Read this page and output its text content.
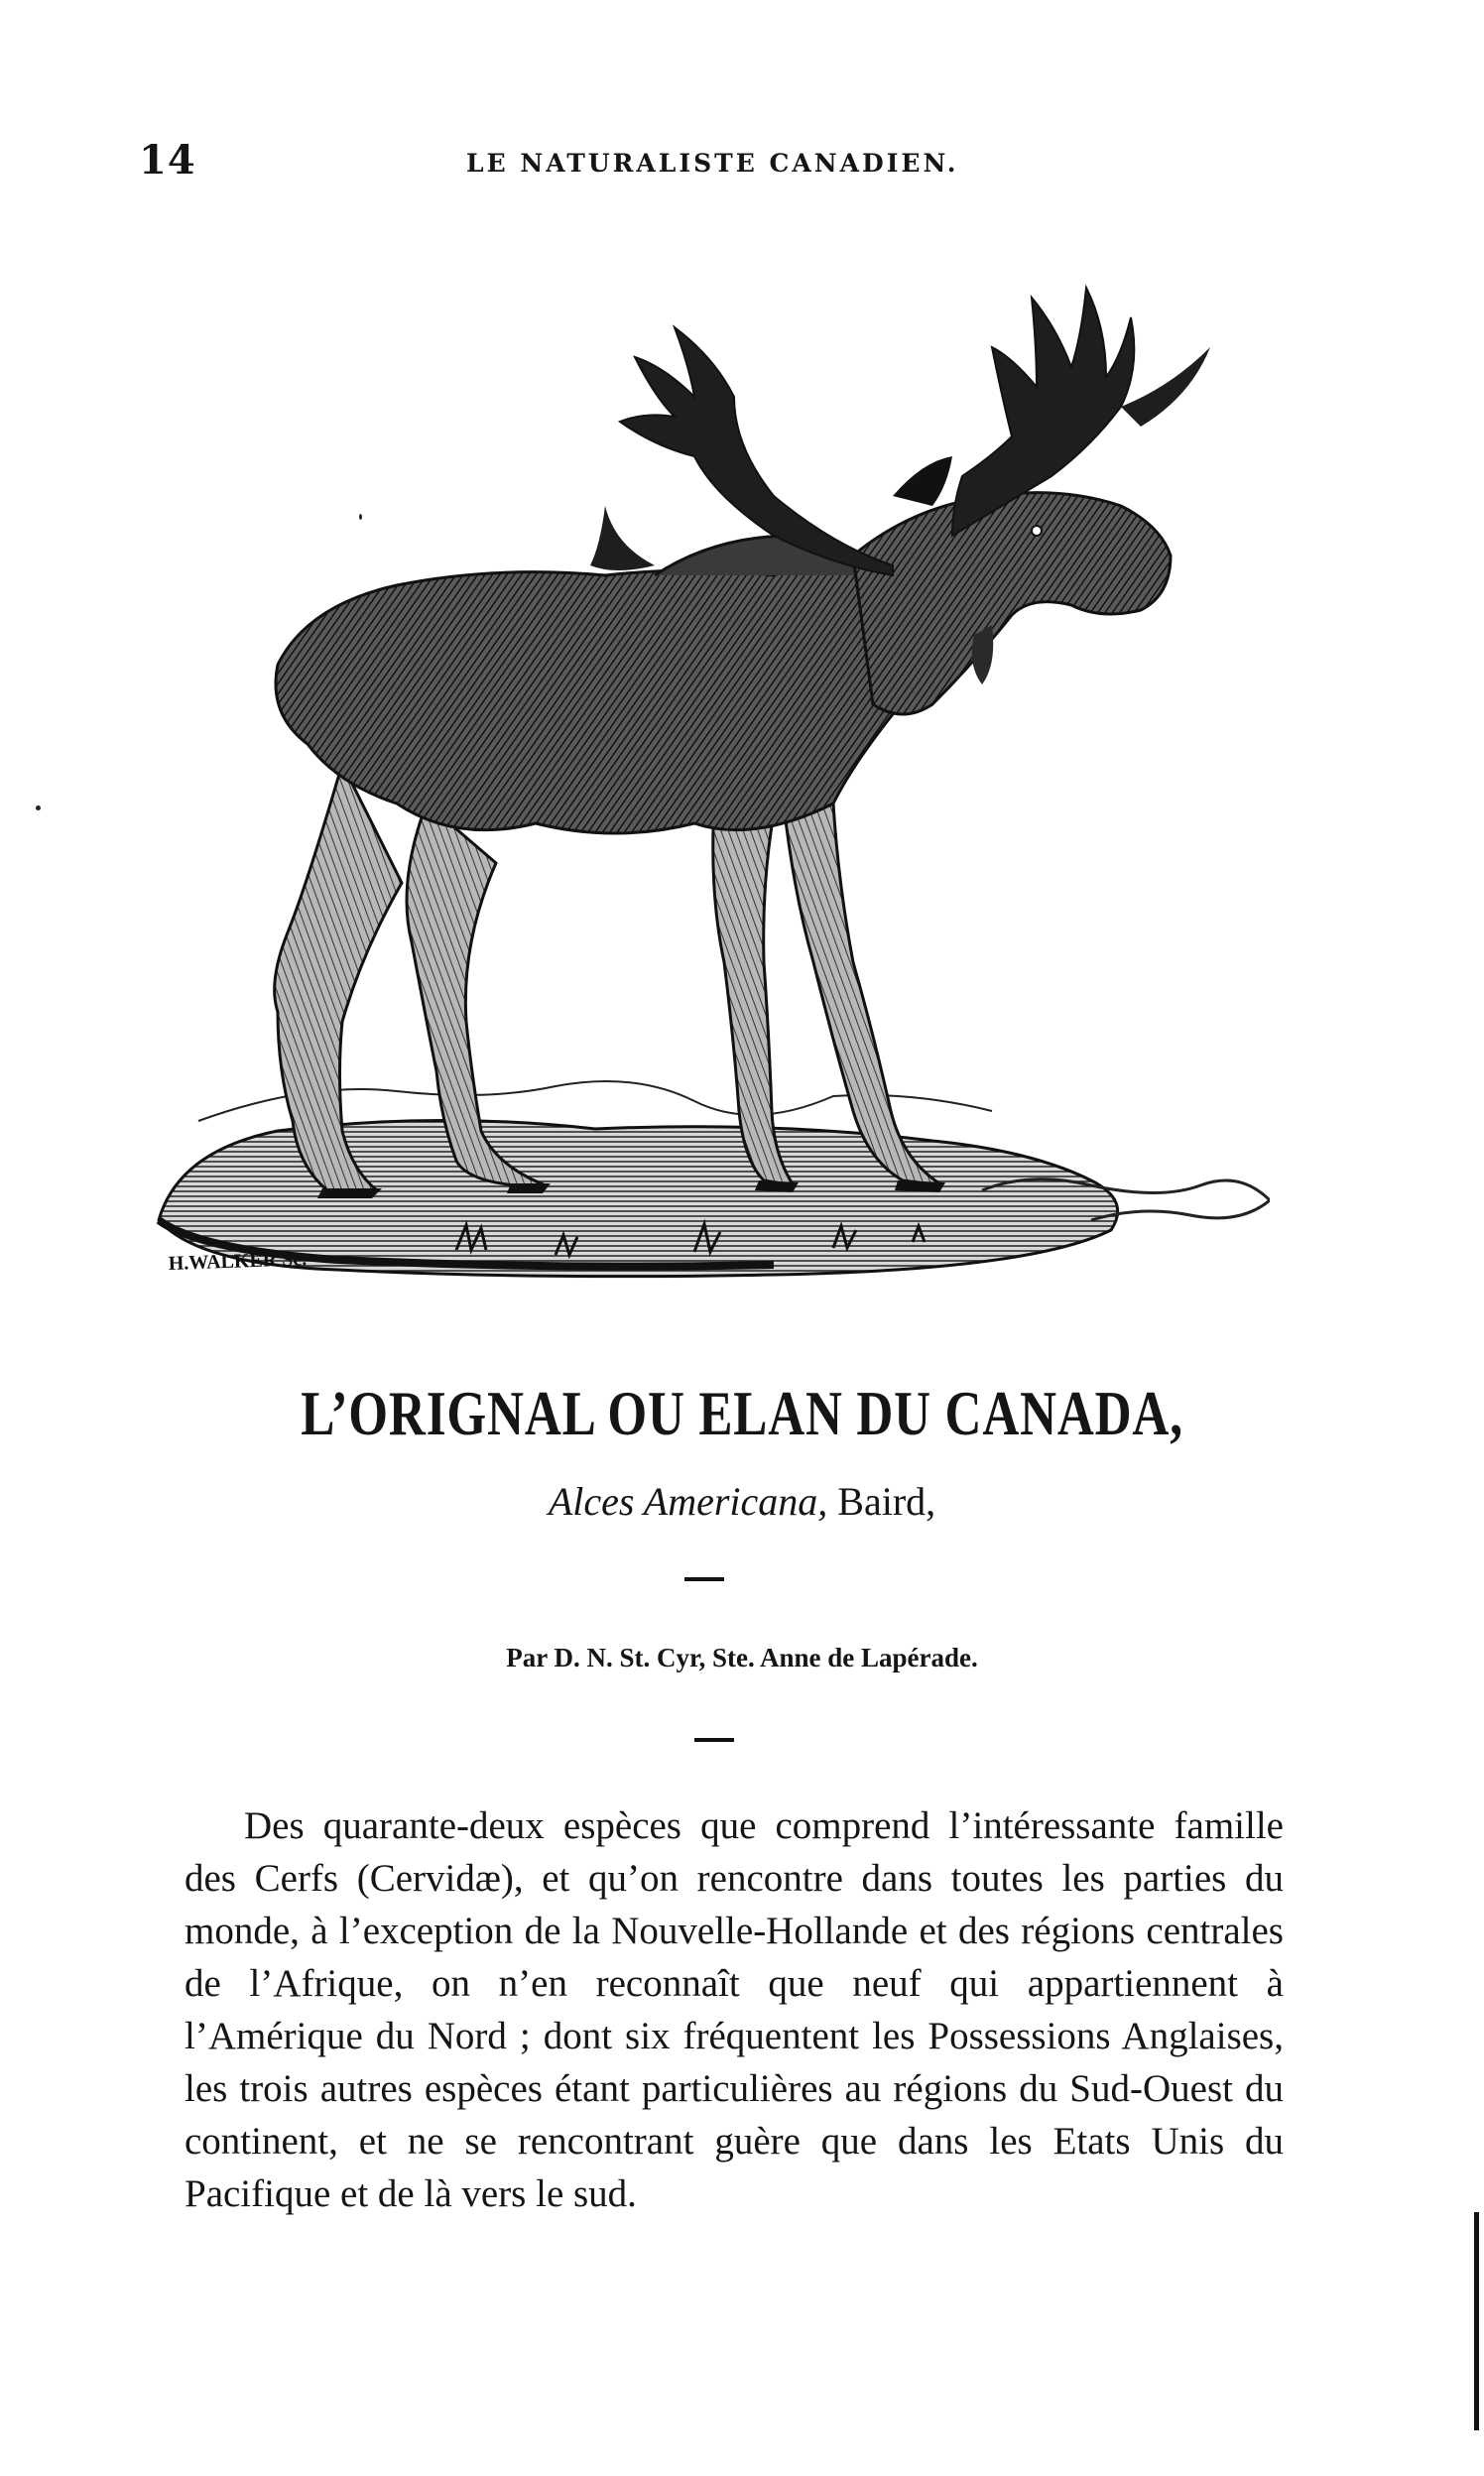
14	LE NATURALISTE CANADIEN.
H.WALKER Sc.
L’ORIGNAL OU ELAN DU CANADA,
Alces Americana, Baird,
Par D. N. St. Cyr, Ste. Anne de Lapérade.

Des quarante-deux espèces que comprend l’intéressante famille des Cerfs (Cervidæ), et qu’on rencontre dans toutes les parties du monde, à l’exception de la Nouvelle-Hollande et des régions centrales de l’Afrique, on n’en reconnaît que neuf qui appartiennent à l’Amérique du Nord ; dont six fréquentent les Possessions Anglaises, les trois autres espèces étant particulières au régions du Sud-Ouest du continent, et ne se rencontrant guère que dans les Etats Unis du Pacifique et de là vers le sud.
